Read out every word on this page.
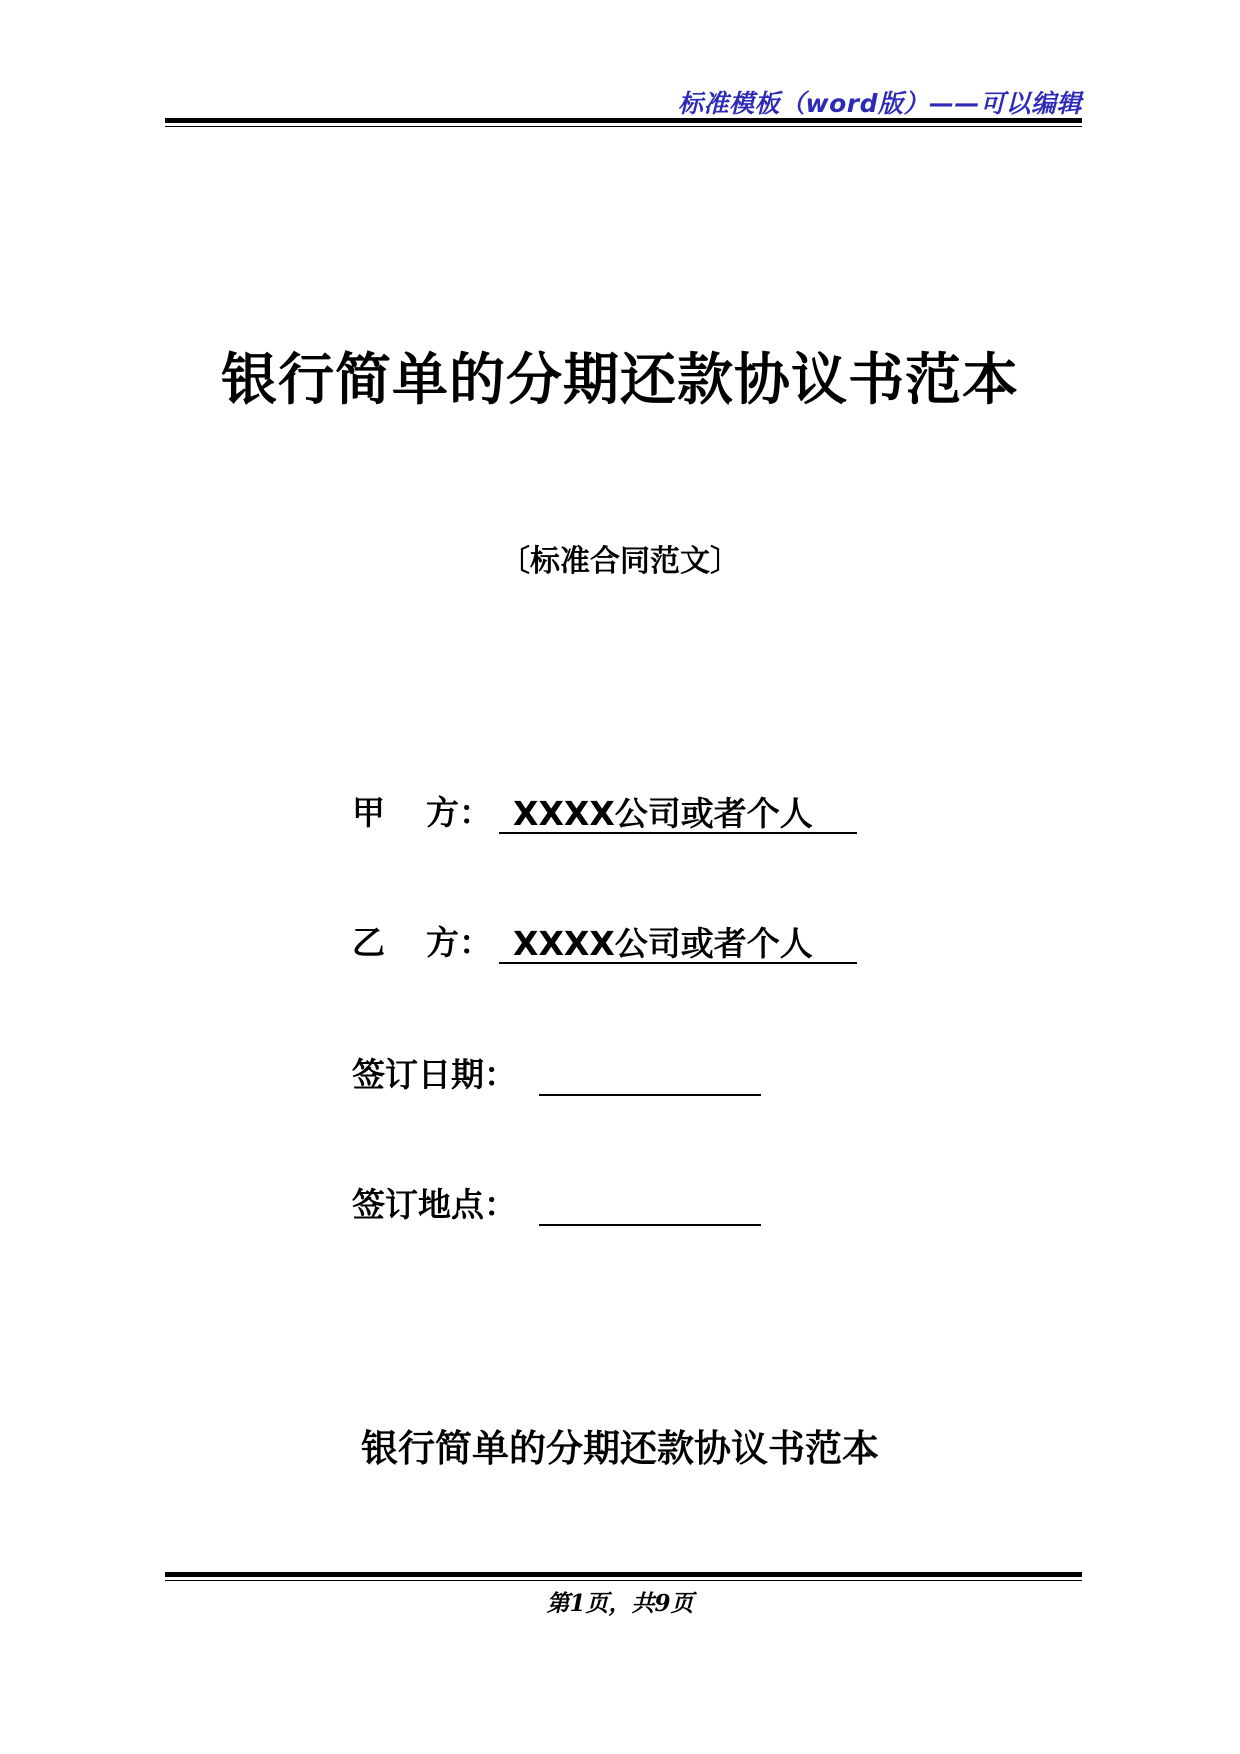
标准模板（word版）——可以编辑
银行简单的分期还款协议书范本
〔标准合同范文〕
甲 方： XXXX公司或者个人
乙 方： XXXX公司或者个人
签订日期：
签订地点：
银行简单的分期还款协议书范本
第1页，共9页
